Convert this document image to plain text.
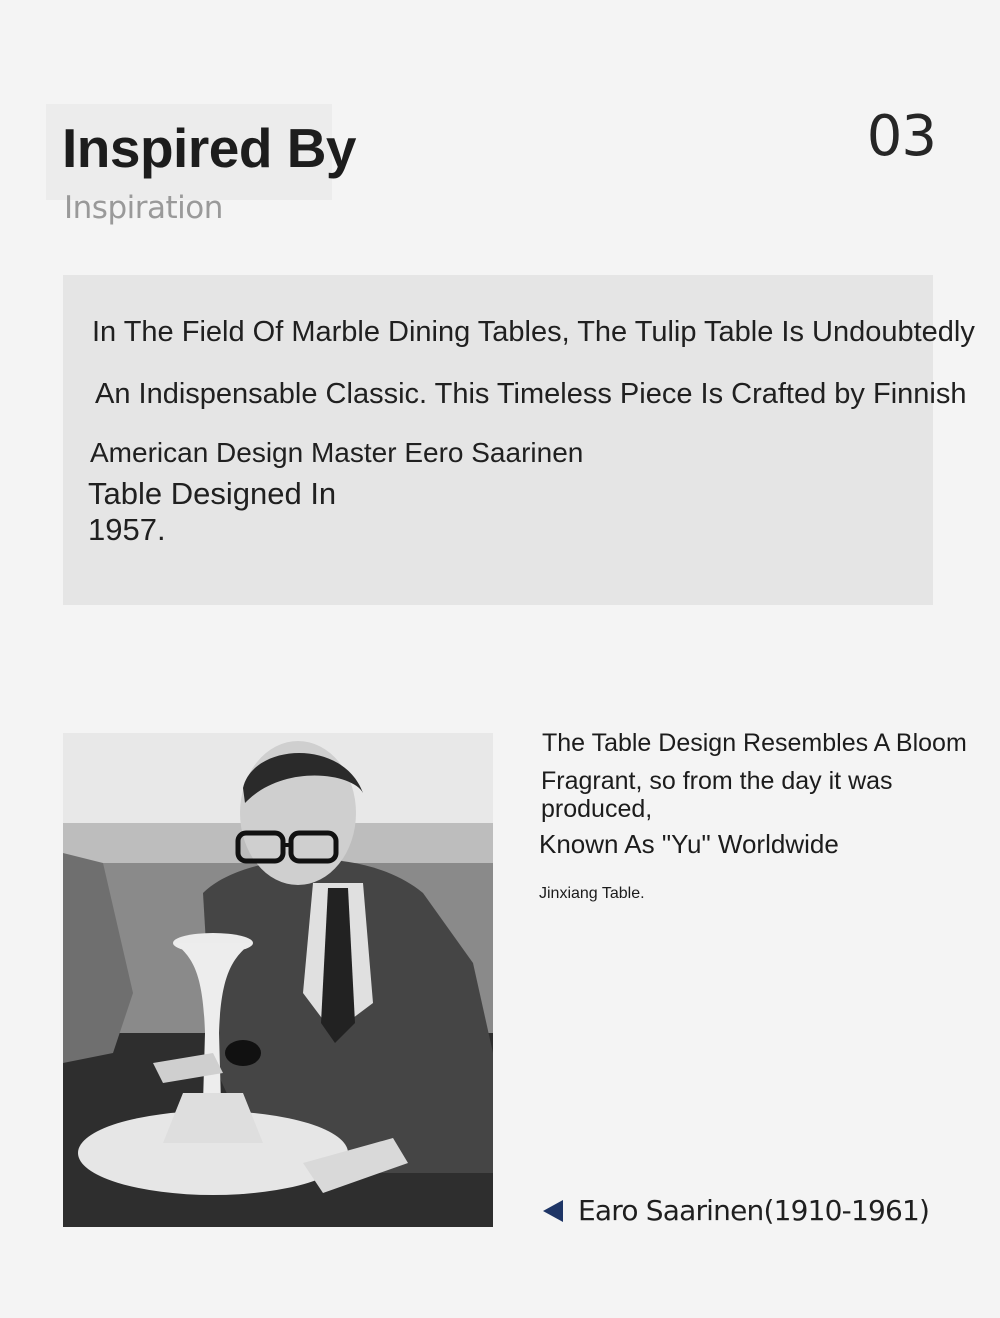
Inspired By
Inspiration
03
In The Field Of Marble Dining Tables, The Tulip Table Is Undoubtedly
An Indispensable Classic. This Timeless Piece Is Crafted by Finnish
American Design Master Eero Saarinen
Table Designed In
1957.
The Table Design Resembles A Bloom
Fragrant, so from the day it was
produced,
Known As "Yu" Worldwide
Jinxiang Table.
Earo Saarinen(1910-1961)
